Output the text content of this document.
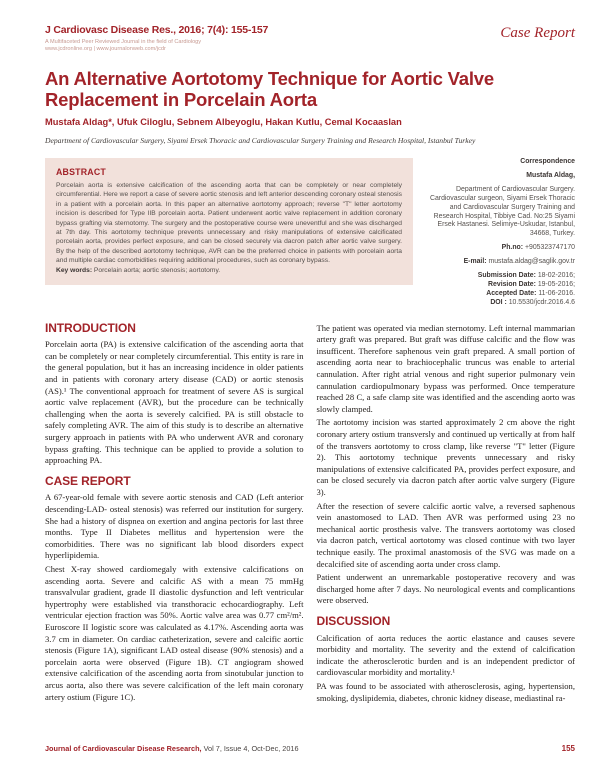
J Cardiovasc Disease Res., 2016; 7(4): 155-157
A Multifaceted Peer Reviewed Journal in the field of Cardiology
www.jcdronline.org | www.journalonweb.com/jcdr
Case Report
An Alternative Aortotomy Technique for Aortic Valve Replacement in Porcelain Aorta
Mustafa Aldag*, Ufuk Ciloglu, Sebnem Albeyoglu, Hakan Kutlu, Cemal Kocaaslan
Department of Cardiovascular Surgery, Siyami Ersek Thoracic and Cardiovascular Surgery Training and Research Hospital, Istanbul Turkey
ABSTRACT
Porcelain aorta is extensive calcification of the ascending aorta that can be completely or near completely circumferential. Here we report a case of severe aortic stenosis and left anterior descending coronary osteal stenosis in a patient with a porcelain aorta. In this paper an alternative aortotomy approach; reverse "T" letter aortotomy incision is described for Type IIB porcelain aorta. Patient underwent aortic valve replacement in addition coronary bypass grafting via sternotomy. The surgery and the postoperative course were uneventful and she was discharged at 7th day. This aortotomy technique prevents unnecessary and risky manipulations of extensive calcificated porcelain aorta, provides perfect exposure, and can be closed securely via dacron patch after aortic valve surgery. By the help of the described aortotomy technique, AVR can be the preferred choice in patients with porcelain aorta and multiple cardiac comorbidities requiring additional procedures, such as coronary bypass.
Key words: Porcelain aorta; aortic stenosis; aortotomy.
Correspondence
Mustafa Aldag,
Department of Cardiovascular Surgery. Cardiovascular surgeon, Siyami Ersek Thoracic and Cardiovascular Surgery Training and Research Hospital, Tibbiye Cad. No:25 Siyami Ersek Hastanesi. Selimiye-Uskudar, Istanbul, 34668, Turkey.
Ph.no: +905323747170
E-mail: mustafa.aldag@saglik.gov.tr
Submission Date: 18-02-2016;
Revision Date: 19-05-2016;
Accepted Date: 11-06-2016.
DOI : 10.5530/jcdr.2016.4.6
INTRODUCTION

Porcelain aorta (PA) is extensive calcification of the ascending aorta that can be completely or near completely circumferential. This entity is rare in the general population, but it has an increasing incidence in older patients and in patients with coronary artery disease (CAD) or aortic stenosis (AS).¹ The conventional approach for treatment of severe AS is surgical aortic valve replacement (AVR), but the procedure can be technically challenging when the aorta is severely calcified. PA is still obstacle to safely completing AVR. The aim of this study is to describe an alternative surgery approach in patients with PA who underwent AVR and coronary bypass grafting. This technique can be applied to provide a solution to approaching PA.

CASE REPORT

A 67-year-old female with severe aortic stenosis and CAD (Left anterior descending-LAD- osteal stenosis) was referred our institution for surgery. She had a history of dispnea on exertion and angina pectoris for last three months. Type II Diabetes mellitus and hypertension were the comorbidities. There was no significant lab blood disorders expect hyperlipidemia.

Chest X-ray showed cardiomegaly with extensive calcifications on ascending aorta. Severe and calcific AS with a mean 75 mmHg transvalvular gradient, grade II diastolic dysfunction and left ventricular hypertrophy were established via transthoracic echocardiography. Left ventricular ejection fraction was 50%. Aortic valve area was 0.77 cm²/m². Euroscore II logistic score was calculated as 4.17%. Ascending aorta was 3.7 cm in diameter. On cardiac catheterization, severe and calcific aortic stenosis (Figure 1A), significant LAD osteal disease (90% stenosis) and a porcelain aorta were observed (Figure 1B). CT angiogram showed extensive calcification of the ascending aorta from sinotubular junction to arcus aorta, also there was severe calcification of the left main coronary artery ostium (Figure 1C).

The patient was operated via median sternotomy. Left internal mammarian artery graft was prepared. But graft was diffuse calcific and the flow was insufficent. Therefore saphenous vein graft prepared. A small portion of ascending aorta near to brachiocephalic truncus was enable to arterial cannulation. After right atrial venous and right superior pulmonary vein cannulation cardiopulmonary bypass was performed. Once temperature reached 28 C, a safe clamp site was identified and the ascending aorto was slowly clamped.

The aortotomy incision was started approximately 2 cm above the right coronary artery ostium transversly and continued up vertically at from half of the transvers aortotomy to cross clamp, like reverse "T" letter (Figure 2). This aortotomy technique prevents unnecessary and risky manipulations of extensive calcificated PA, provides perfect exposure, and can be closed securely via dacron patch after aortic valve surgery (Figure 3).

After the resection of severe calcific aortic valve, a reversed saphenous vein anastomosed to LAD. Then AVR was performed using 23 no mechanical aortic prosthesis valve. The transvers aortotomy was closed via dacron patch, vertical aortotomy was closed continue with two layer technique easily. The proximal anastomosis of the SVG was made on a decalcified site of ascending aorta under cross clamp.

Patient underwent an unremarkable postoperative recovery and was discharged home after 7 days. No neurological events and complicantions were observed.

DISCUSSION

Calcification of aorta reduces the aortic elastance and causes severe morbidity and mortality. The severity and the extend of calcification indicate the atherosclerotic burden and is an independent predictor of cardiovascular morbidity and mortality.¹

PA was found to be associated with atherosclerosis, aging, hypertension, smoking, dyslipidemia, diabetes, chronic kidney disease, mediastinal ra-

Journal of Cardiovascular Disease Research, Vol 7, Issue 4, Oct-Dec, 2016	155
